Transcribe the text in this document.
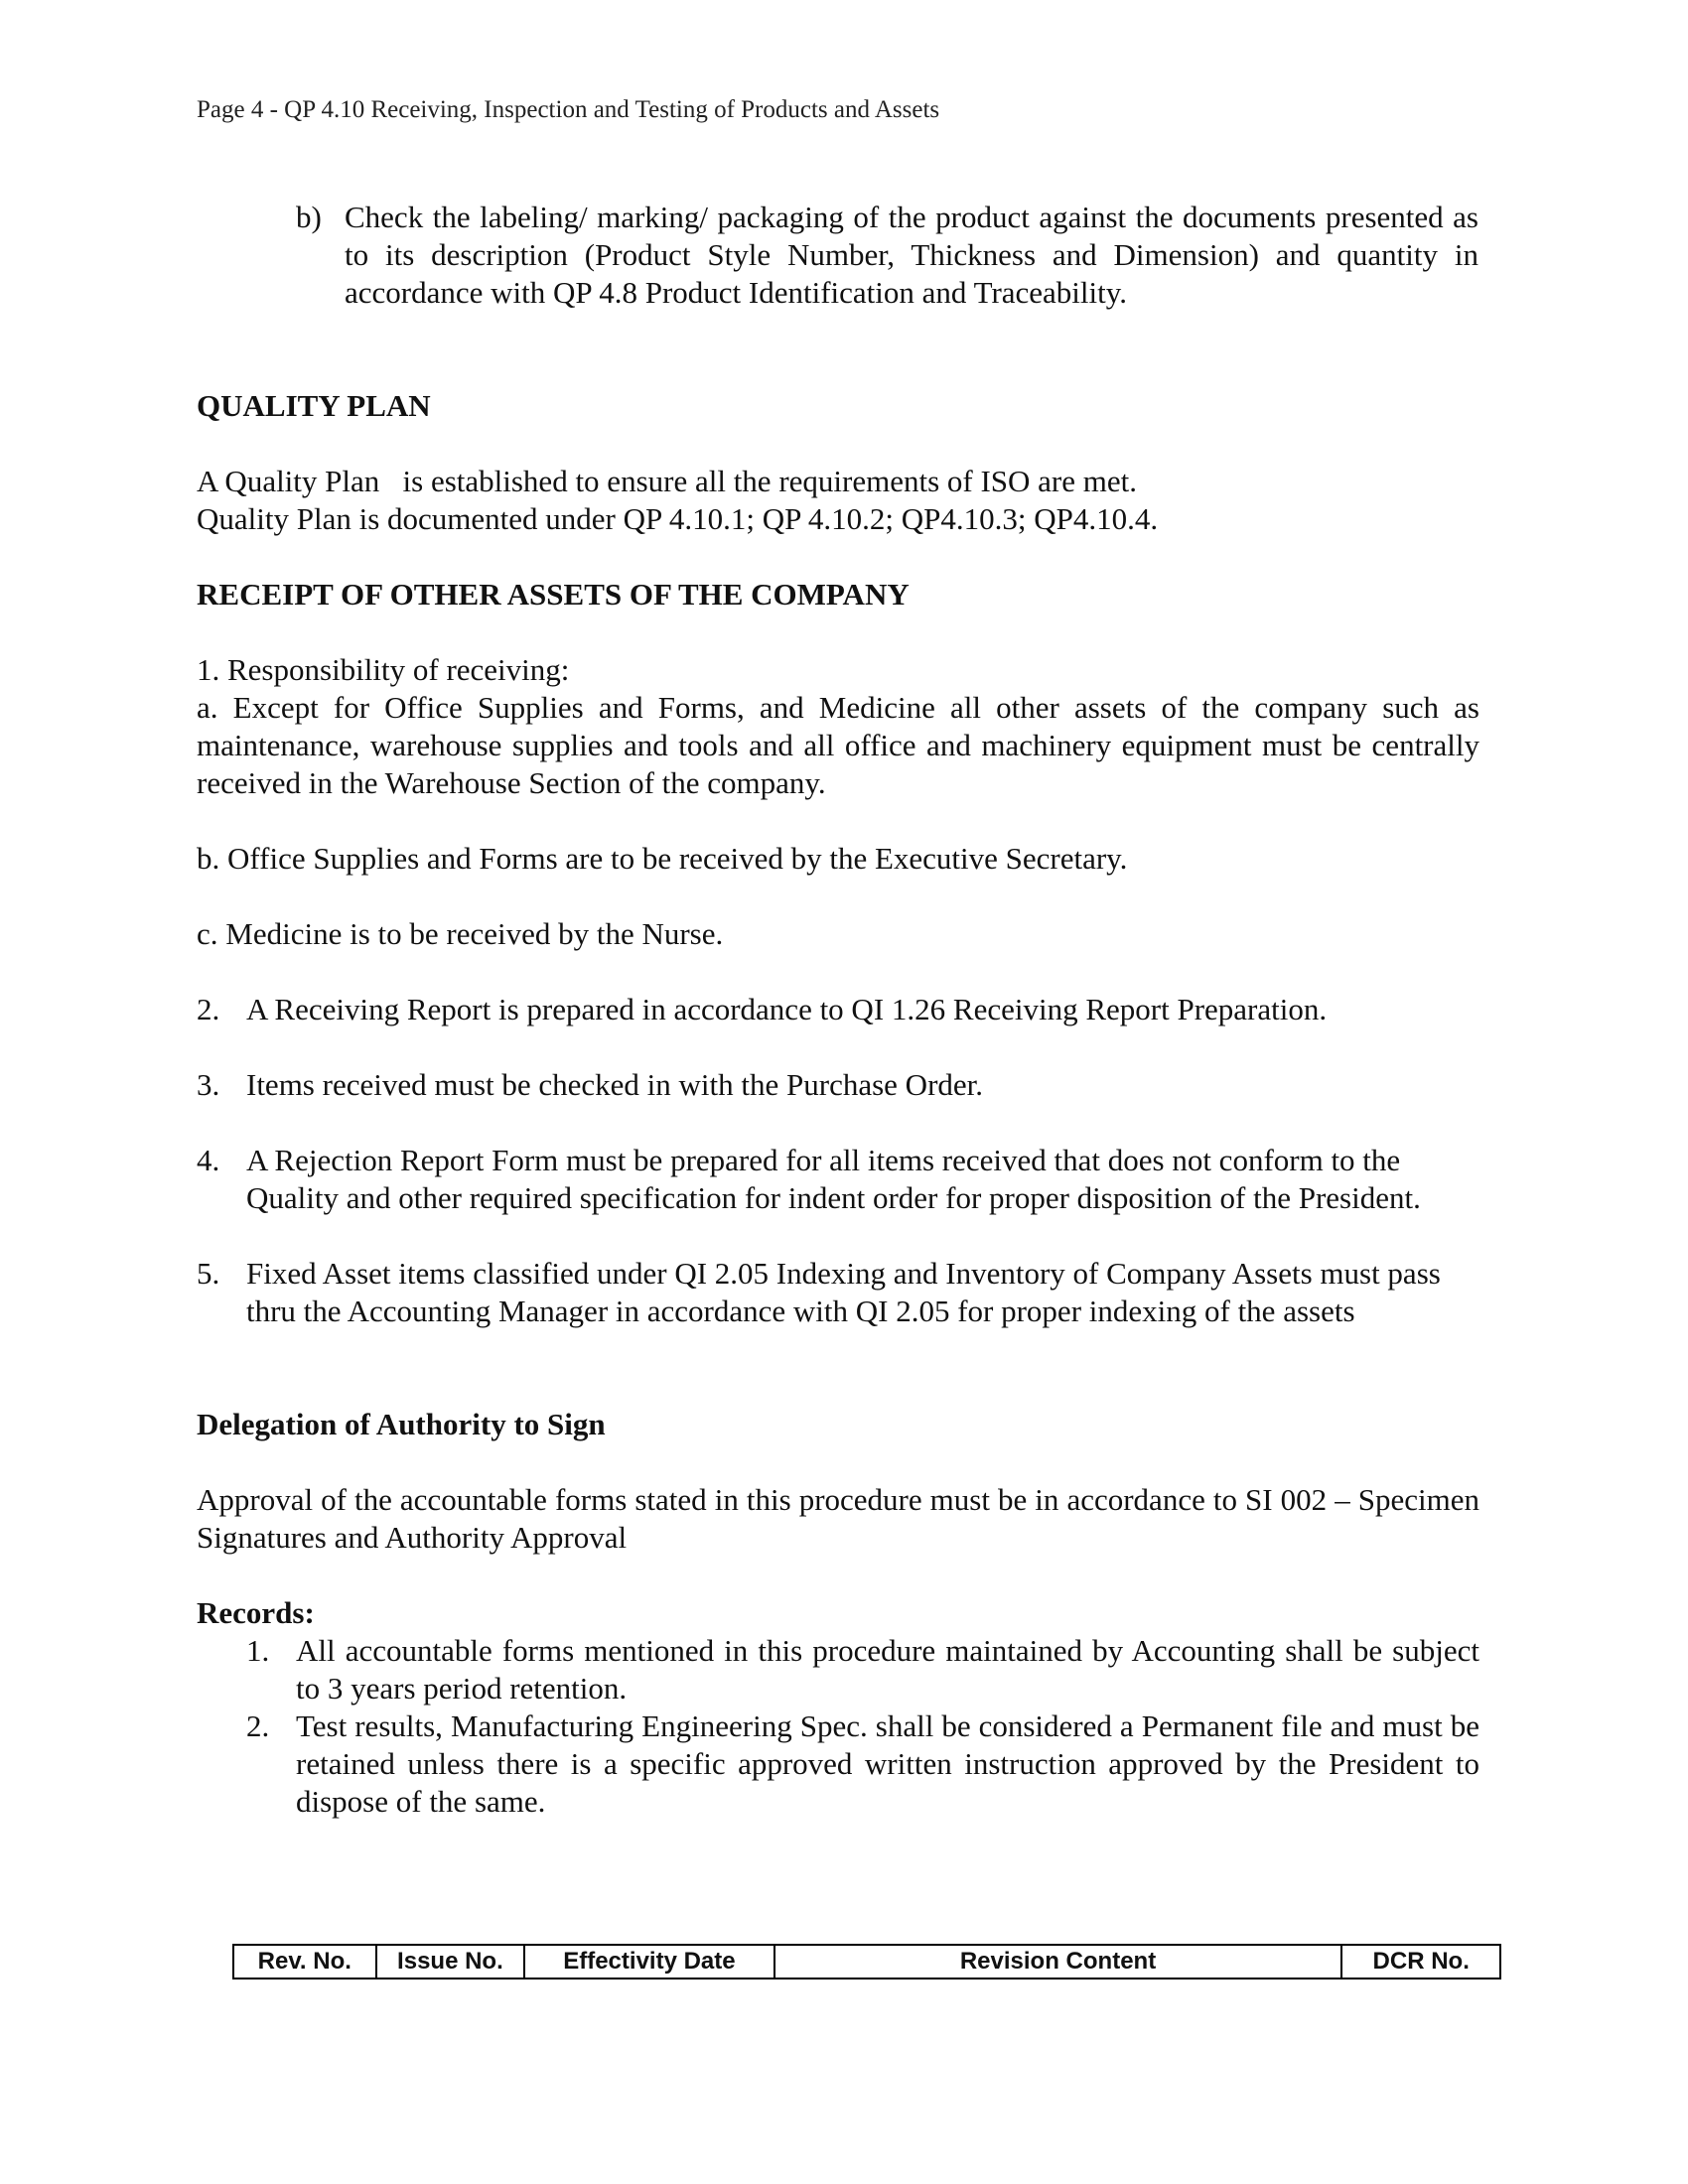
Page 4 - QP 4.10 Receiving, Inspection and Testing of Products and Assets
b) Check the labeling/ marking/ packaging of the product against the documents presented as to its description (Product Style Number, Thickness and Dimension) and quantity in accordance with QP 4.8 Product Identification and Traceability.
QUALITY PLAN
A Quality Plan   is established to ensure all the requirements of ISO are met.
Quality Plan is documented under QP 4.10.1; QP 4.10.2; QP4.10.3; QP4.10.4.
RECEIPT OF OTHER ASSETS OF THE COMPANY
1. Responsibility of receiving:
a. Except for Office Supplies and Forms, and Medicine all other assets of the company such as maintenance, warehouse supplies and tools and all office and machinery equipment must be centrally received in the Warehouse Section of the company.
b. Office Supplies and Forms are to be received by the Executive Secretary.
c. Medicine is to be received by the Nurse.
2. A Receiving Report is prepared in accordance to QI 1.26 Receiving Report Preparation.
3. Items received must be checked in with the Purchase Order.
4. A Rejection Report Form must be prepared for all items received that does not conform to the Quality and other required specification for indent order for proper disposition of the President.
5. Fixed Asset items classified under QI 2.05 Indexing and Inventory of Company Assets must pass thru the Accounting Manager in accordance with QI 2.05 for proper indexing of the assets
Delegation of Authority to Sign
Approval of the accountable forms stated in this procedure must be in accordance to SI 002 – Specimen Signatures and Authority Approval
Records:
1. All accountable forms mentioned in this procedure maintained by Accounting shall be subject to 3 years period retention.
2. Test results, Manufacturing Engineering Spec. shall be considered a Permanent file and must be retained unless there is a specific approved written instruction approved by the President to dispose of the same.
Rev. No.	Issue No.	Effectivity Date	Revision Content	DCR No.
